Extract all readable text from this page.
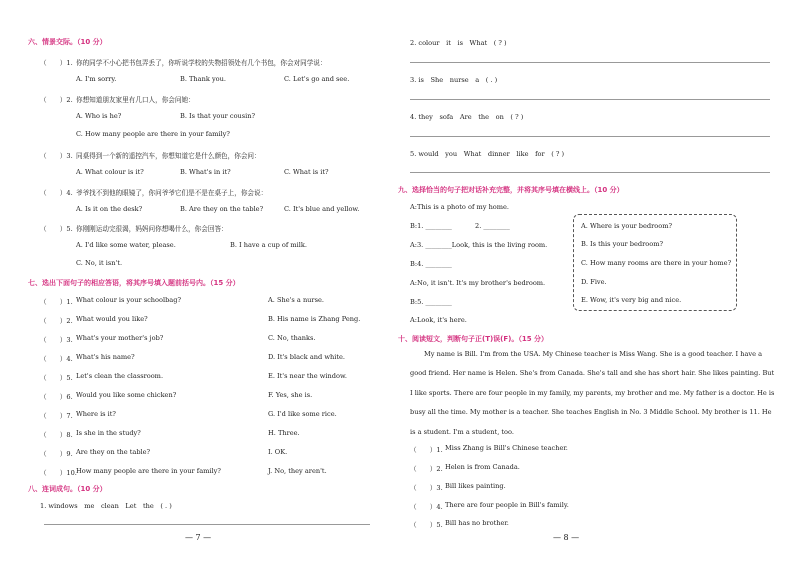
六、情景交际。（10 分）
（　　）1. 你的同学不小心把书包弄丢了，你听说学校的失物招领处有几个书包，你会对同学说：
A. I'm sorry.	B. Thank you.	C. Let's go and see.
（　　）2. 你想知道朋友家里有几口人，你会问她：
A. Who is he?	B. Is that your cousin?
C. How many people are there in your family?
（　　）3. 同桌得到一个新的遥控汽车，你想知道它是什么颜色，你会问：
A. What colour is it?	B. What's in it?	C. What is it?
（　　）4. 爷爷找不到他的眼镜了，你问爷爷它们是不是在桌子上，你会说：
A. Is it on the desk?	B. Are they on the table?	C. It's blue and yellow.
（　　）5. 你刚刚运动完很渴，妈妈问你想喝什么，你会回答：
A. I'd like some water, please.	B. I have a cup of milk.
C. No, it isn't.
七、选出下面句子的相应答语，将其序号填入题前括号内。（15 分）
（　　）1. What colour is your schoolbag?	A. She's a nurse.
（　　）2. What would you like?	B. His name is Zhang Peng.
（　　）3. What's your mother's job?	C. No, thanks.
（　　）4. What's his name?	D. It's black and white.
（　　）5. Let's clean the classroom.	E. It's near the window.
（　　）6. Would you like some chicken?	F. Yes, she is.
（　　）7. Where is it?	G. I'd like some rice.
（　　）8. Is she in the study?	H. Three.
（　　）9. Are they on the table?	I. OK.
（　　）10. How many people are there in your family?	J. No, they aren't.
八、连词成句。（10 分）
1. windows　me　clean　Let　the　( . )
— 7 —
2. colour　it　is　What　( ? )
3. is　She　nurse　a　( . )
4. they　sofa　Are　the　on　( ? )
5. would　you　What　dinner　like　for　( ? )
九、选择恰当的句子把对话补充完整，并将其序号填在横线上。（10 分）
A:This is a photo of my home.
B:1. ________	2. ________
A:3. ________Look, this is the living room.
B:4. ________
A:No, it isn't. It's my brother's bedroom.
B:5. ________
A:Look, it's here.
A. Where is your bedroom?
B. Is this your bedroom?
C. How many rooms are there in your home?
D. Five.
E. Wow, it's very big and nice.
十、阅读短文，判断句子正(T)误(F)。（15 分）
My name is Bill. I'm from the USA. My Chinese teacher is Miss Wang. She is a good teacher. I have a good friend. Her name is Helen. She's from Canada. She's tall and she has short hair. She likes painting. But I like sports. There are four people in my family, my parents, my brother and me. My father is a doctor. He is busy all the time. My mother is a teacher. She teaches English in No. 3 Middle School. My brother is 11. He is a student. I'm a student, too.
（　　）1. Miss Zhang is Bill's Chinese teacher.
（　　）2. Helen is from Canada.
（　　）3. Bill likes painting.
（　　）4. There are four people in Bill's family.
（　　）5. Bill has no brother.
— 8 —
